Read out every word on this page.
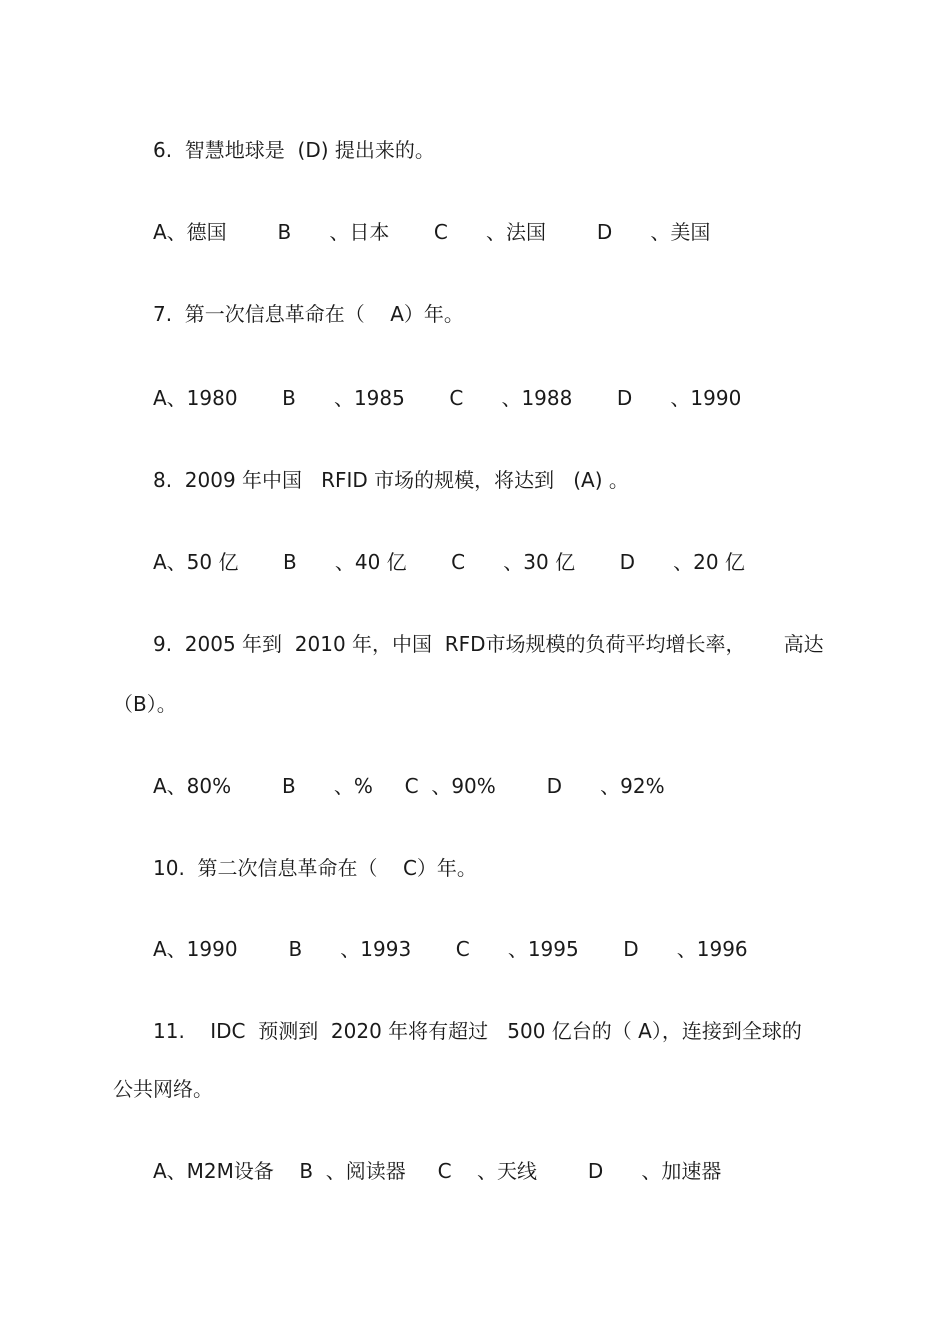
6.  智慧地球是  (D) 提出来的。
A、德国        B      、日本       C      、法国        D      、美国
7.  第一次信息革命在（    A）年。
A、1980       B      、1985       C      、1988       D      、1990
8.  2009 年中国   RFID 市场的规模，将达到   (A) 。
A、50 亿       B      、40 亿       C      、30 亿       D      、20 亿
9.  2005 年到  2010 年，中国  RFD市场规模的负荷平均增长率，      高达
（B）。
A、80%        B      、%     C  、90%        D      、92%
10.  第二次信息革命在（    C）年。
A、1990        B      、1993       C      、1995       D      、1996
11.    IDC  预测到  2020 年将有超过   500 亿台的（ A），连接到全球的
公共网络。
A、M2M设备    B  、阅读器     C    、天线        D      、加速器
